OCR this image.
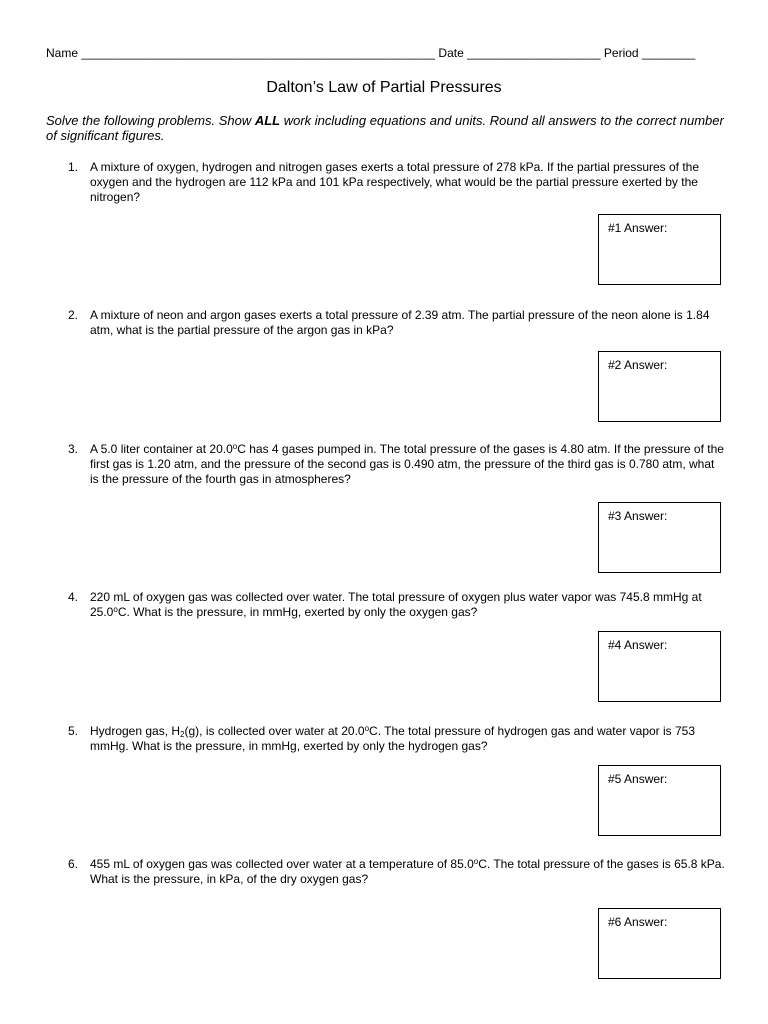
Name _____________________________________________________ Date ____________________ Period ________
Dalton’s Law of Partial Pressures
Solve the following problems. Show ALL work including equations and units. Round all answers to the correct number of significant figures.
1. A mixture of oxygen, hydrogen and nitrogen gases exerts a total pressure of 278 kPa. If the partial pressures of the oxygen and the hydrogen are 112 kPa and 101 kPa respectively, what would be the partial pressure exerted by the nitrogen?
#1 Answer:
2. A mixture of neon and argon gases exerts a total pressure of 2.39 atm. The partial pressure of the neon alone is 1.84 atm, what is the partial pressure of the argon gas in kPa?
#2 Answer:
3. A 5.0 liter container at 20.0$^o$C has 4 gases pumped in. The total pressure of the gases is 4.80 atm. If the pressure of the first gas is 1.20 atm, and the pressure of the second gas is 0.490 atm, the pressure of the third gas is 0.780 atm, what is the pressure of the fourth gas in atmospheres?
#3 Answer:
4. 220 mL of oxygen gas was collected over water. The total pressure of oxygen plus water vapor was 745.8 mmHg at 25.0$^o$C. What is the pressure, in mmHg, exerted by only the oxygen gas?
#4 Answer:
5. Hydrogen gas, $H_2(g)$, is collected over water at 20.0$^o$C. The total pressure of hydrogen gas and water vapor is 753 mmHg. What is the pressure, in mmHg, exerted by only the hydrogen gas?
#5 Answer:
6. 455 mL of oxygen gas was collected over water at a temperature of 85.0$^o$C. The total pressure of the gases is 65.8 kPa. What is the pressure, in kPa, of the dry oxygen gas?
#6 Answer:
